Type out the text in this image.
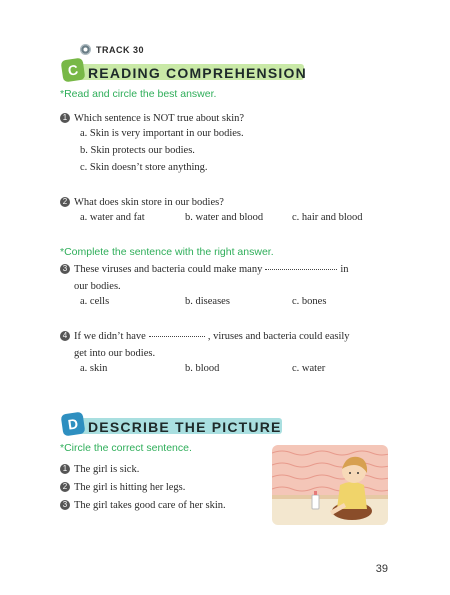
TRACK 30
C READING COMPREHENSION
*Read and circle the best answer.
1 Which sentence is NOT true about skin?
a. Skin is very important in our bodies.
b. Skin protects our bodies.
c. Skin doesn’t store anything.
2 What does skin store in our bodies?
a. water and fat	b. water and blood	c. hair and blood
*Complete the sentence with the right answer.
3 These viruses and bacteria could make many	in
our bodies.
a. cells	b. diseases	c. bones
4 If we didn’t have	, viruses and bacteria could easily
get into our bodies.
a. skin	b. blood	c. water
D DESCRIBE THE PICTURE
*Circle the correct sentence.
1 The girl is sick.
2 The girl is hitting her legs.
3 The girl takes good care of her skin.
39
